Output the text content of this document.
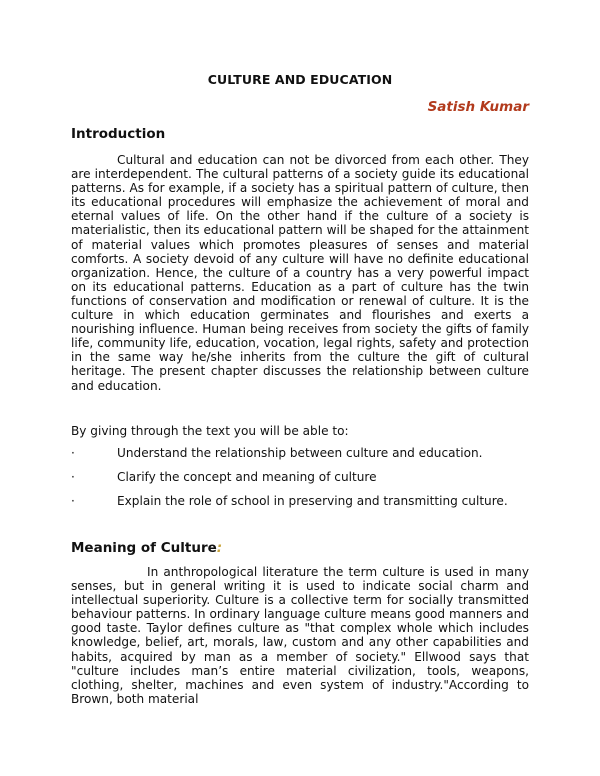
CULTURE AND EDUCATION
Satish Kumar
Introduction

Cultural and education can not be divorced from each other. They are interdependent. The cultural patterns of a society guide its educational patterns. As for example, if a society has a spiritual pattern of culture, then its educational procedures will emphasize the achievement of moral and eternal values of life. On the other hand if the culture of a society is materialistic, then its educational pattern will be shaped for the attainment of material values which promotes pleasures of senses and material comforts. A society devoid of any culture will have no definite educational organization. Hence, the culture of a country has a very powerful impact on its educational patterns. Education as a part of culture has the twin functions of conservation and modification or renewal of culture. It is the culture in which education germinates and flourishes and exerts a nourishing influence. Human being receives from society the gifts of family life, community life, education, vocation, legal rights, safety and protection in the same way he/she inherits from the culture the gift of cultural heritage. The present chapter discusses the relationship between culture and education.

By giving through the text you will be able to:
·	Understand the relationship between culture and education.
·	Clarify the concept and meaning of culture
·	Explain the role of school in preserving and transmitting culture.
Meaning of Culture:

In anthropological literature the term culture is used in many senses, but in general writing it is used to indicate social charm and intellectual superiority. Culture is a collective term for socially transmitted behaviour patterns. In ordinary language culture means good manners and good taste. Taylor defines culture as "that complex whole which includes knowledge, belief, art, morals, law, custom and any other capabilities and habits, acquired by man as a member of society." Ellwood says that "culture includes man’s entire material civilization, tools, weapons, clothing, shelter, machines and even system of industry."According to Brown, both material
